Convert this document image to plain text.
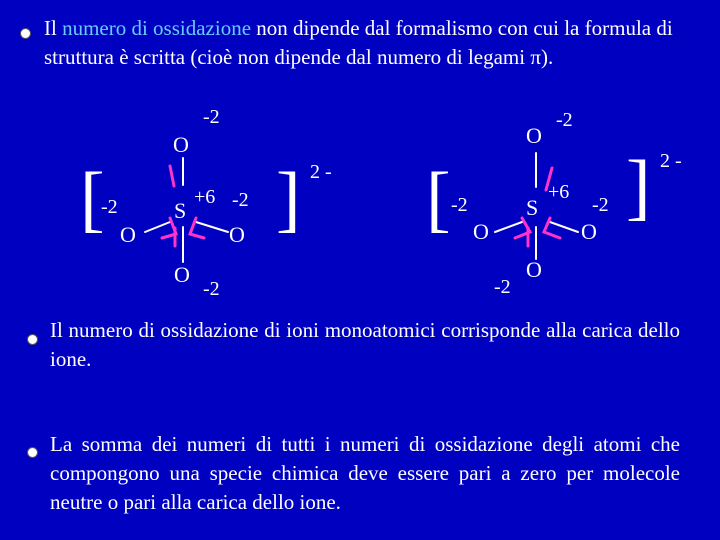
Il numero di ossidazione non dipende dal formalismo con cui la formula di struttura è scritta (cioè non dipende dal numero di legami π).

[ ] 2 -
O
-2
S
+6
-2
O
-2
O
O
-2
[ ] 2 -
O
-2
S
+6
-2
O
-2
O
-2
O

Il numero di ossidazione di ioni monoatomici corrisponde alla carica dello ione.

La somma dei numeri di tutti i numeri di ossidazione degli atomi che compongono una specie chimica deve essere pari a zero per molecole neutre o pari alla carica dello ione.
